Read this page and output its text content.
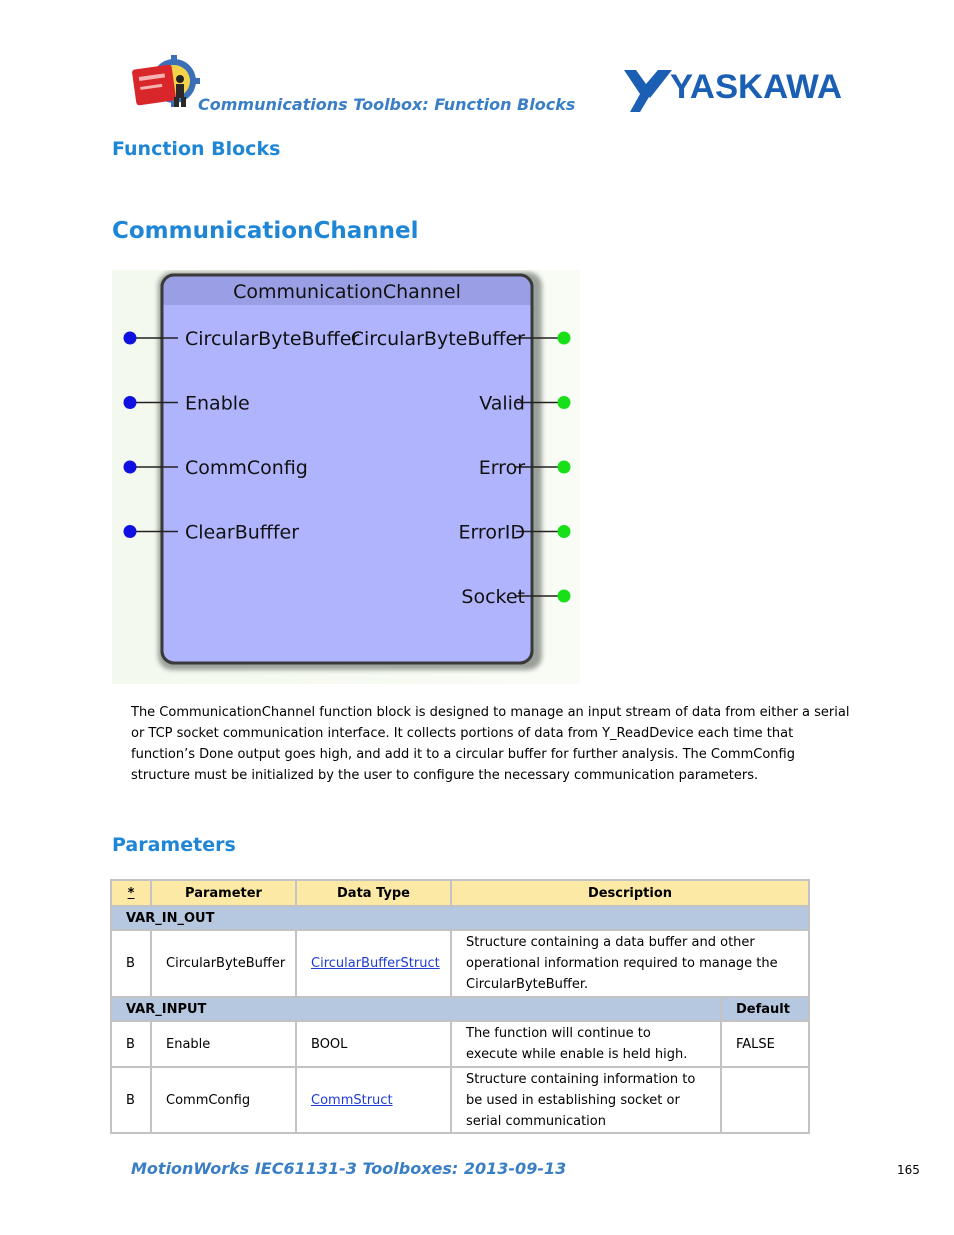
Communications Toolbox: Function Blocks	YASKAWA
Function Blocks
CommunicationChannel
CommunicationChannel
CircularByteBuffer
Enable
CommConfig
ClearBufffer
CircularByteBuffer
Valid
Error
ErrorID
Socket

The CommunicationChannel function block is designed to manage an input stream of data from either a serial or TCP socket communication interface. It collects portions of data from Y_ReadDevice each time that function’s Done output goes high, and add it to a circular buffer for further analysis. The CommConfig structure must be initialized by the user to configure the necessary communication parameters.

Parameters
*	Parameter	Data Type	Description	
VAR_IN_OUT				
B	CircularByteBuffer	CircularBufferStruct	Structure containing a data buffer and other operational information required to manage the CircularByteBuffer.	
VAR_INPUT				Default
B	Enable	BOOL	The function will continue to execute while enable is held high.	FALSE
B	CommConfig	CommStruct	Structure containing information to be used in establishing socket or serial communication	
MotionWorks IEC61131-3 Toolboxes: 2013-09-13	165
